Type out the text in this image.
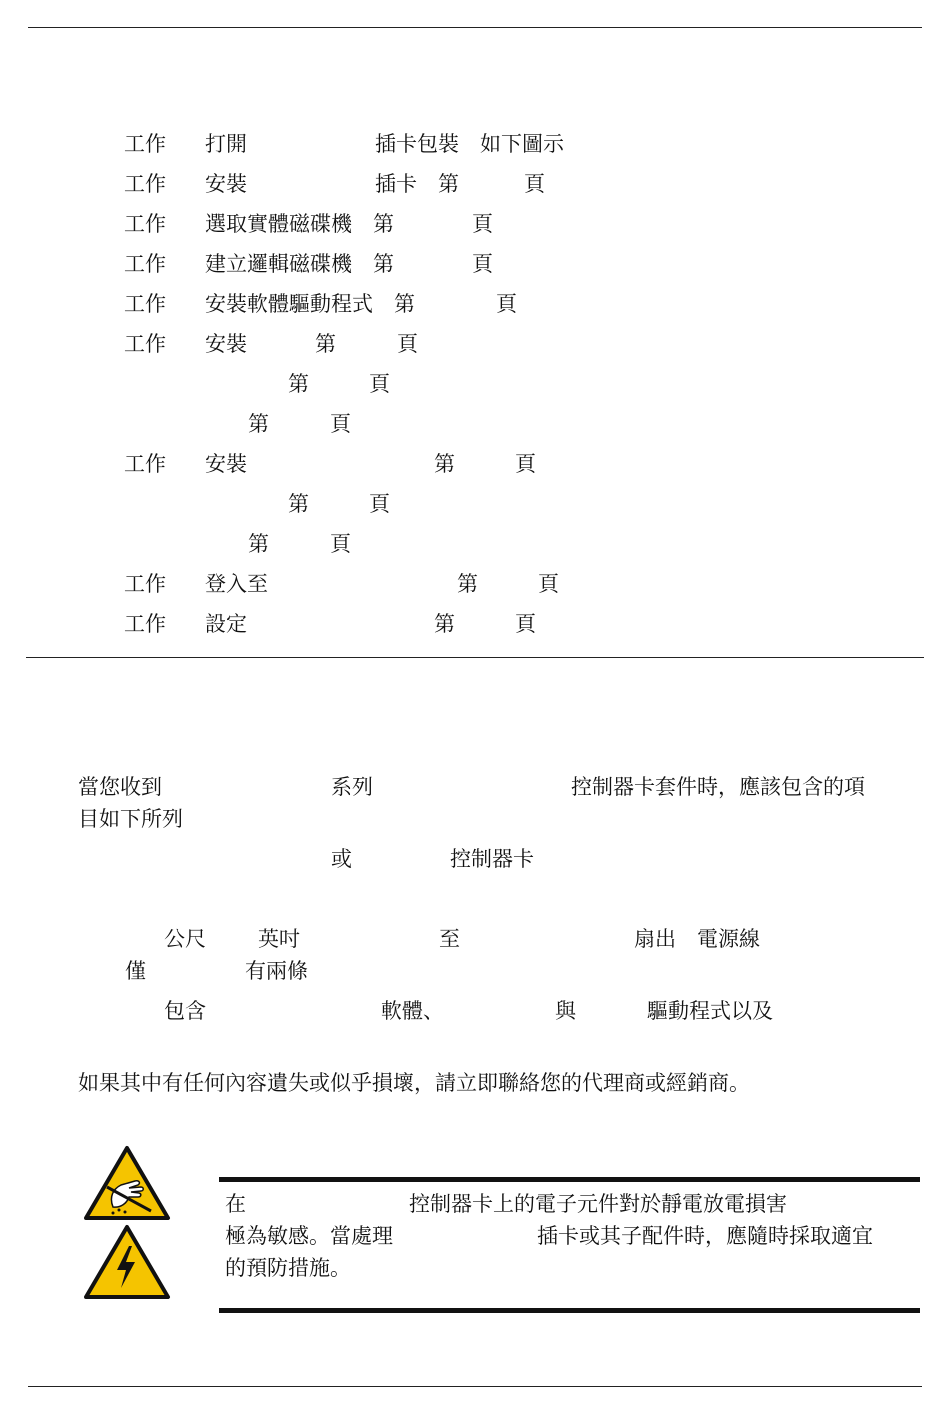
工作 打開	插卡包裝　如下圖示
工作 安裝	插卡　第	頁
工作 選取實體磁碟機　第	頁
工作 建立邏輯磁碟機　第	頁
工作 安裝軟體驅動程式　第	頁
工作 安裝	第	頁
第	頁
第	頁
工作 安裝	第	頁
第	頁
第	頁
工作 登入至	第	頁
工作 設定	第	頁
當您收到	系列	控制器卡套件時，應該包含的項
目如下所列
或	控制器卡
公尺 英吋	至	扇出　電源線
僅	有兩條
包含	軟體、	與	驅動程式以及
如果其中有任何內容遺失或似乎損壞，請立即聯絡您的代理商或經銷商。
在	控制器卡上的電子元件對於靜電放電損害
極為敏感。當處理	插卡或其子配件時，應隨時採取適宜
的預防措施。
